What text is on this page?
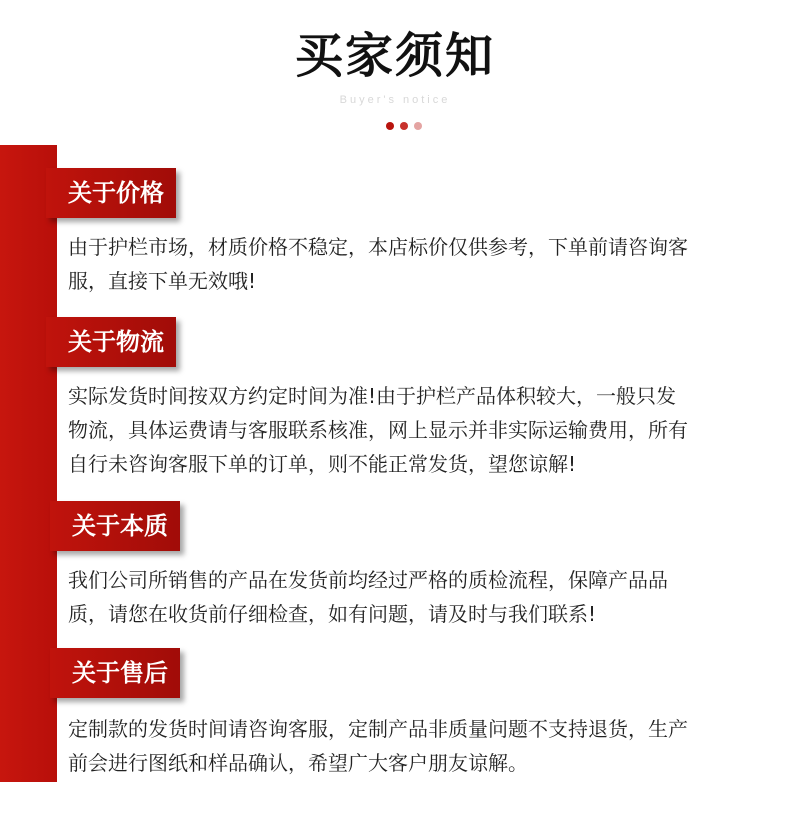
买家须知
Buyer's notice
关于价格
由于护栏市场，材质价格不稳定，本店标价仅供参考，下单前请咨询客
服，直接下单无效哦!
关于物流
实际发货时间按双方约定时间为准!由于护栏产品体积较大，一般只发
物流，具体运费请与客服联系核准，网上显示并非实际运输费用，所有
自行未咨询客服下单的订单，则不能正常发货，望您谅解!
关于本质
我们公司所销售的产品在发货前均经过严格的质检流程，保障产品品
质，请您在收货前仔细检查，如有问题，请及时与我们联系!
关于售后
定制款的发货时间请咨询客服，定制产品非质量问题不支持退货，生产
前会进行图纸和样品确认，希望广大客户朋友谅解。
